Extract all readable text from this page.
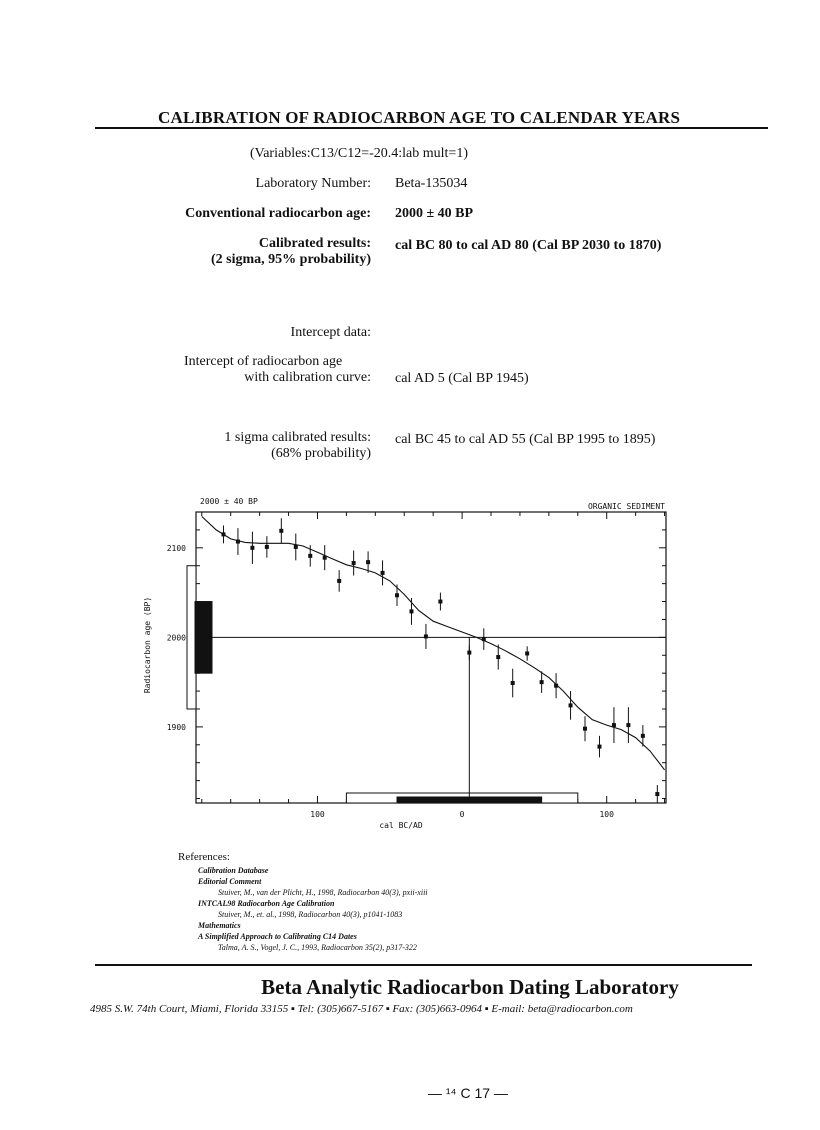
CALIBRATION OF RADIOCARBON AGE TO CALENDAR YEARS
(Variables:C13/C12=-20.4:lab mult=1)
Laboratory Number: Beta-135034
Conventional radiocarbon age: 2000 ± 40 BP
Calibrated results:
(2 sigma, 95% probability)
cal BC 80 to cal AD 80 (Cal BP 2030 to 1870)
Intercept data:
Intercept of radiocarbon age
with calibration curve: cal AD 5 (Cal BP 1945)
1 sigma calibrated results:
(68% probability)
cal BC 45 to cal AD 55 (Cal BP 1995 to 1895)
2000 ± 40 BP
ORGANIC SEDIMENT
Radiocarbon age (BP)
cal BC/AD
2100
2000
1900
100	0	100
References:
Calibration Database
Editorial Comment
Stuiver, M., van der Plicht, H., 1998, Radiocarbon 40(3), pxii-xiii
INTCAL98 Radiocarbon Age Calibration
Stuiver, M., et. al., 1998, Radiocarbon 40(3), p1041-1083
Mathematics
A Simplified Approach to Calibrating C14 Dates
Talma, A. S., Vogel, J. C., 1993, Radiocarbon 35(2), p317-322
Beta Analytic Radiocarbon Dating Laboratory
4985 S.W. 74th Court, Miami, Florida 33155 ▪ Tel: (305)667-5167 ▪ Fax: (305)663-0964 ▪ E-mail: beta@radiocarbon.com
— ¹⁴ C 17 —
